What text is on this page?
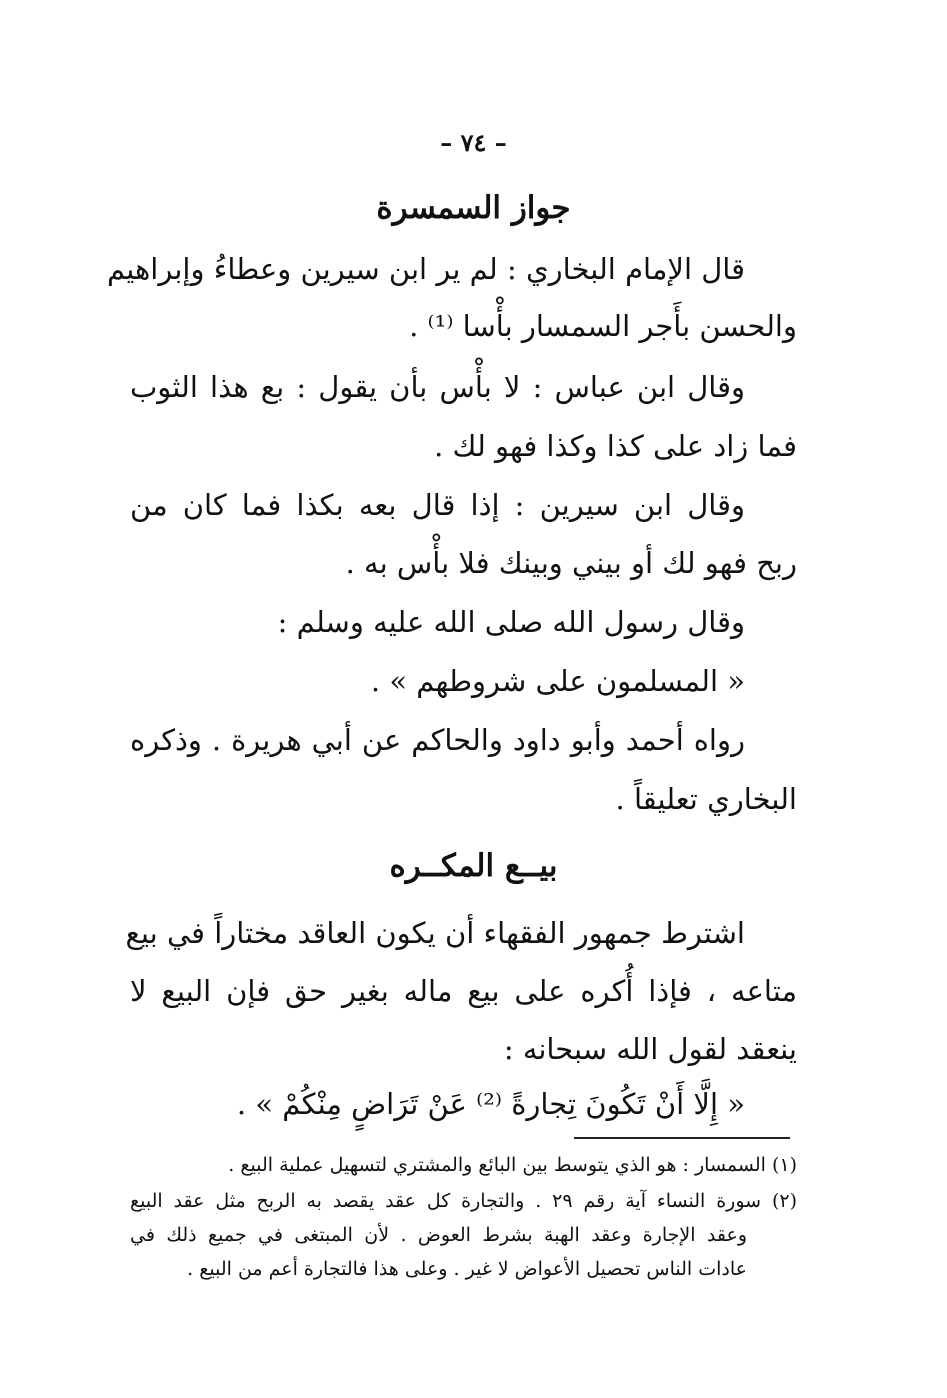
– ٧٤ –
جواز السمسرة
قال الإمام البخاري : لم ير ابن سيرين وعطاءُ وإبراهيم
والحسن بأَجر السمسار بأْسا ⁽¹⁾ .
وقال ابن عباس : لا بأْس بأن يقول : بع هذا الثوب
فما زاد على كذا وكذا فهو لك .
وقال ابن سيرين : إذا قال بعه بكذا فما كان من
ربح فهو لك أو بيني وبينك فلا بأْس به .
وقال رسول الله صلى الله عليه وسلم :
« المسلمون على شروطهم » .
رواه أحمد وأبو داود والحاكم عن أبي هريرة . وذكره
البخاري تعليقاً .
بيــع المكــره
اشترط جمهور الفقهاء أن يكون العاقد مختاراً في بيع
متاعه ، فإذا أُكره على بيع ماله بغير حق فإن البيع لا
ينعقد لقول الله سبحانه :
« إِلَّا أَنْ تَكُونَ تِجارةً ⁽²⁾ عَنْ تَرَاضٍ مِنْكُمْ » .
(١) السمسار : هو الذي يتوسط بين البائع والمشتري لتسهيل عملية البيع .
(٢) سورة النساء آية رقم ٢٩ . والتجارة كل عقد يقصد به الربح مثل عقد البيع
وعقد الإجارة وعقد الهبة بشرط العوض . لأن المبتغى في جميع ذلك في
عادات الناس تحصيل الأعواض لا غير . وعلى هذا فالتجارة أعم من البيع .
